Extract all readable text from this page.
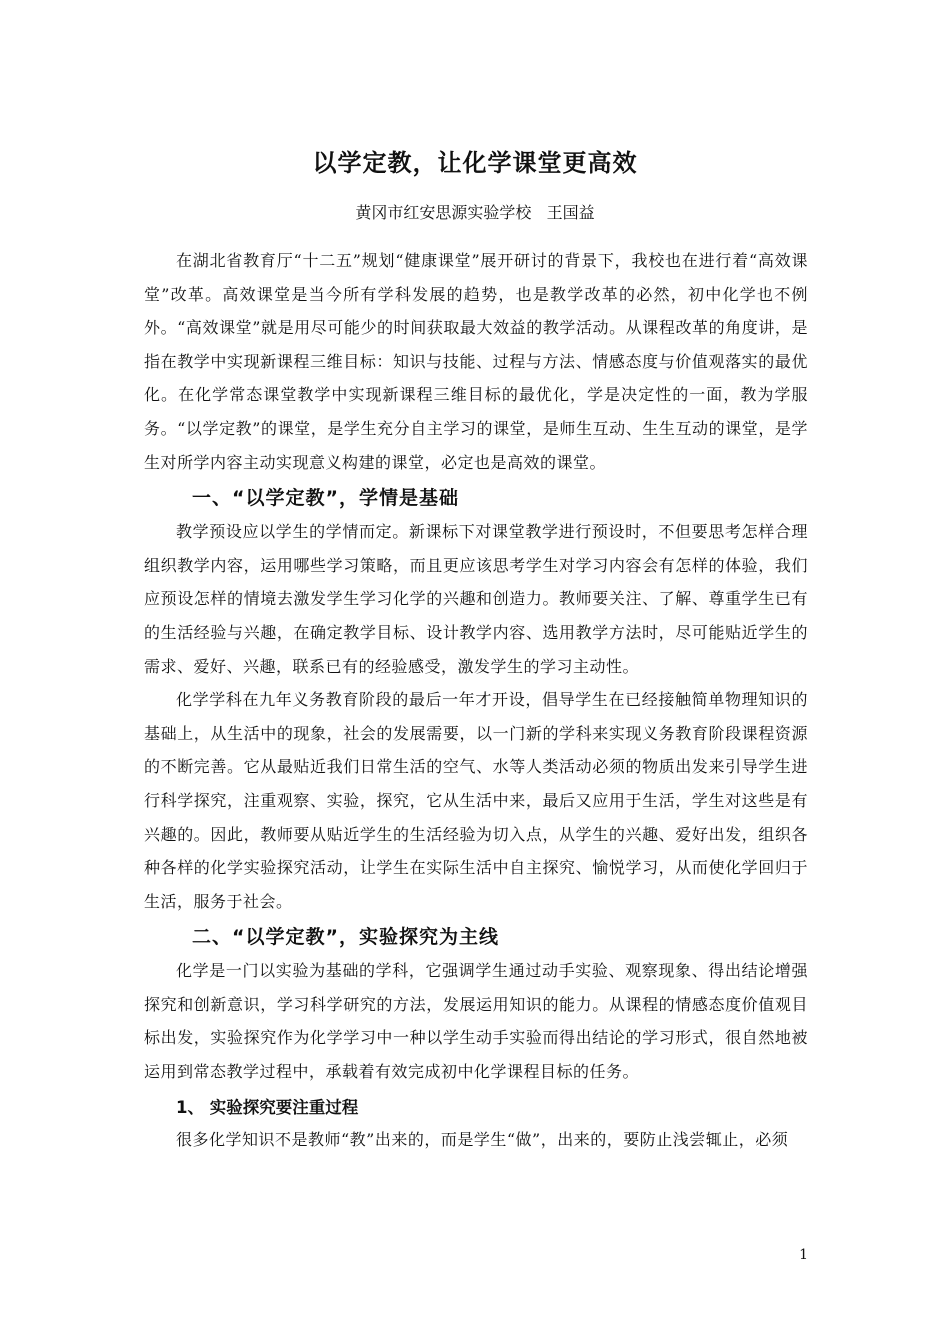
以学定教，让化学课堂更高效
黄冈市红安思源实验学校   王国益

在湖北省教育厅“十二五”规划“健康课堂”展开研讨的背景下，我校也在进行着“高效课堂”改革。高效课堂是当今所有学科发展的趋势，也是教学改革的必然，初中化学也不例外。“高效课堂”就是用尽可能少的时间获取最大效益的教学活动。从课程改革的角度讲，是指在教学中实现新课程三维目标：知识与技能、过程与方法、情感态度与价值观落实的最优化。在化学常态课堂教学中实现新课程三维目标的最优化，学是决定性的一面，教为学服务。“以学定教”的课堂，是学生充分自主学习的课堂，是师生互动、生生互动的课堂，是学生对所学内容主动实现意义构建的课堂，必定也是高效的课堂。

一、“以学定教”，学情是基础

教学预设应以学生的学情而定。新课标下对课堂教学进行预设时，不但要思考怎样合理组织教学内容，运用哪些学习策略，而且更应该思考学生对学习内容会有怎样的体验，我们应预设怎样的情境去激发学生学习化学的兴趣和创造力。教师要关注、了解、尊重学生已有的生活经验与兴趣，在确定教学目标、设计教学内容、选用教学方法时，尽可能贴近学生的需求、爱好、兴趣，联系已有的经验感受，激发学生的学习主动性。

化学学科在九年义务教育阶段的最后一年才开设，倡导学生在已经接触简单物理知识的基础上，从生活中的现象，社会的发展需要，以一门新的学科来实现义务教育阶段课程资源的不断完善。它从最贴近我们日常生活的空气、水等人类活动必须的物质出发来引导学生进行科学探究，注重观察、实验，探究，它从生活中来，最后又应用于生活，学生对这些是有兴趣的。因此，教师要从贴近学生的生活经验为切入点，从学生的兴趣、爱好出发，组织各种各样的化学实验探究活动，让学生在实际生活中自主探究、愉悦学习，从而使化学回归于生活，服务于社会。

二、“以学定教”，实验探究为主线

化学是一门以实验为基础的学科，它强调学生通过动手实验、观察现象、得出结论增强探究和创新意识，学习科学研究的方法，发展运用知识的能力。从课程的情感态度价值观目标出发，实验探究作为化学学习中一种以学生动手实验而得出结论的学习形式，很自然地被运用到常态教学过程中，承载着有效完成初中化学课程目标的任务。

1、 实验探究要注重过程

很多化学知识不是教师“教”出来的，而是学生“做”，出来的，要防止浅尝辄止，必须

1
